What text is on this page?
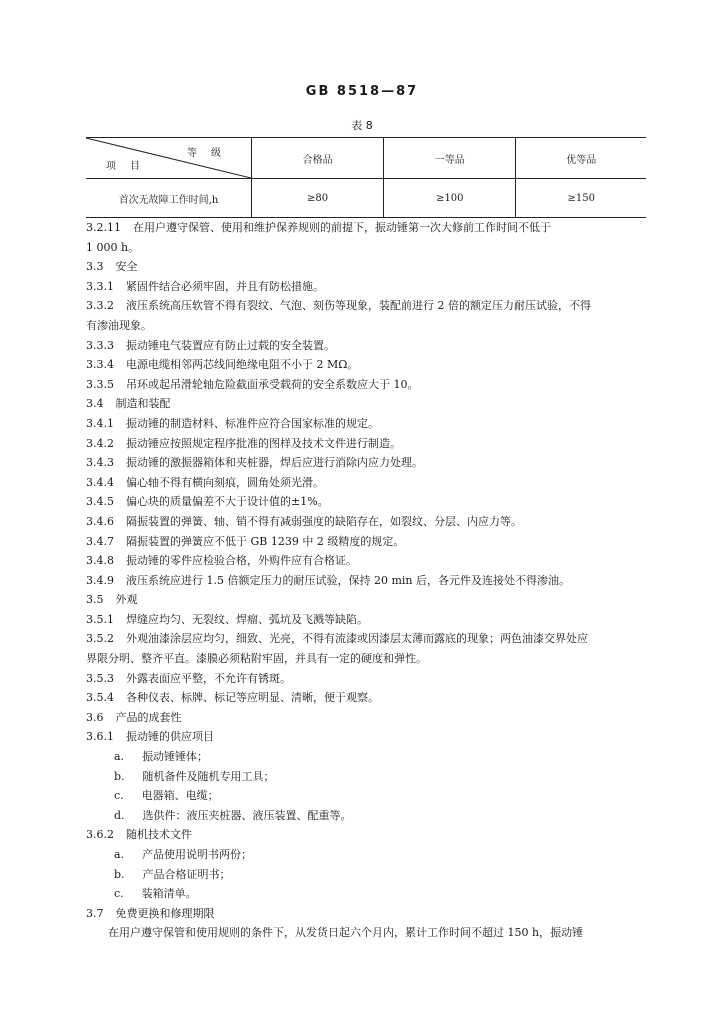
GB 8518—87
表 8
等级
项目	合格品	一等品	优等品
首次无故障工作时间,h	≥80	≥100	≥150
3.2.11 在用户遵守保管、使用和维护保养规则的前提下，振动锤第一次大修前工作时间不低于
1 000 h。
3.3 安全
3.3.1 紧固件结合必须牢固，并且有防松措施。
3.3.2 液压系统高压软管不得有裂纹、气泡、刻伤等现象，装配前进行 2 倍的额定压力耐压试验，不得
有渗油现象。
3.3.3 振动锤电气装置应有防止过载的安全装置。
3.3.4 电源电缆相邻两芯线间绝缘电阻不小于 2 MΩ。
3.3.5 吊环或起吊滑轮轴危险截面承受载荷的安全系数应大于 10。
3.4 制造和装配
3.4.1 振动锤的制造材料、标准件应符合国家标准的规定。
3.4.2 振动锤应按照规定程序批准的图样及技术文件进行制造。
3.4.3 振动锤的激振器箱体和夹桩器，焊后应进行消除内应力处理。
3.4.4 偏心轴不得有横向刻痕，圆角处须光滑。
3.4.5 偏心块的质量偏差不大于设计值的±1%。
3.4.6 隔振装置的弹簧、轴、销不得有减弱强度的缺陷存在，如裂纹、分层、内应力等。
3.4.7 隔振装置的弹簧应不低于 GB 1239 中 2 级精度的规定。
3.4.8 振动锤的零件应检验合格，外购件应有合格证。
3.4.9 液压系统应进行 1.5 倍额定压力的耐压试验，保持 20 min 后，各元件及连接处不得渗油。
3.5 外观
3.5.1 焊缝应均匀、无裂纹、焊瘤、弧坑及飞溅等缺陷。
3.5.2 外观油漆涂层应均匀，细致、光亮，不得有流漆或因漆层太薄而露底的现象；两色油漆交界处应
界限分明、整齐平直。漆膜必须粘附牢固，并具有一定的硬度和弹性。
3.5.3 外露表面应平整，不允许有锈斑。
3.5.4 各种仪表、标牌、标记等应明显、清晰，便于观察。
3.6 产品的成套性
3.6.1 振动锤的供应项目
a. 振动锤锤体；
b. 随机备件及随机专用工具；
c. 电器箱、电缆；
d. 选供件：液压夹桩器、液压装置、配重等。
3.6.2 随机技术文件
a. 产品使用说明书两份；
b. 产品合格证明书；
c. 装箱清单。
3.7 免费更换和修理期限
在用户遵守保管和使用规则的条件下，从发货日起六个月内，累计工作时间不超过 150 h，振动锤
